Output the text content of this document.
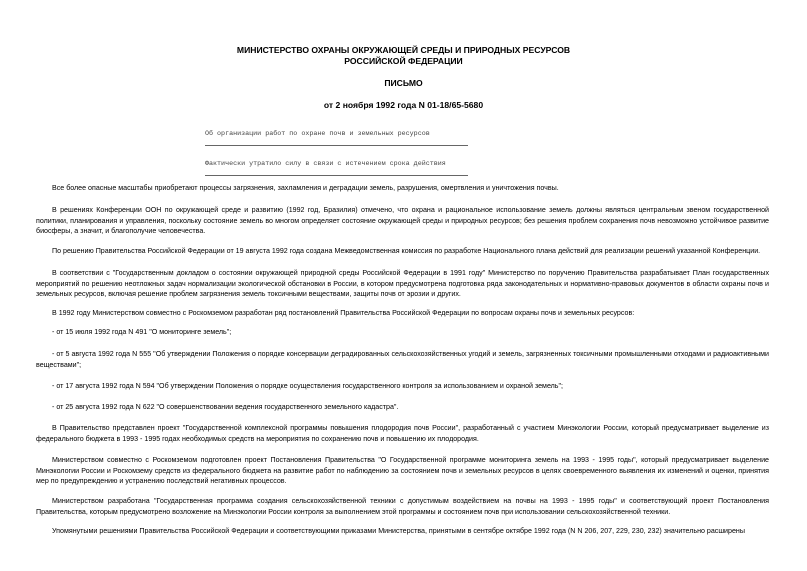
МИНИСТЕРСТВО ОХРАНЫ ОКРУЖАЮЩЕЙ СРЕДЫ И ПРИРОДНЫХ РЕСУРСОВ
РОССИЙСКОЙ ФЕДЕРАЦИИ
ПИСЬМО
от 2 ноября 1992 года N 01-18/65-5680
Об организации работ по охране почв и земельных ресурсов
Фактически утратило силу в связи с истечением срока действия

Все более опасные масштабы приобретают процессы загрязнения, захламления и деградации земель, разрушения, омертвления и уничтожения почвы.

В решениях Конференции ООН по окружающей среде и развитию (1992 год, Бразилия) отмечено, что охрана и рациональное использование земель должны являться центральным звеном государственной политики, планирования и управления, поскольку состояние земель во многом определяет состояние окружающей среды и природных ресурсов; без решения проблем сохранения почв невозможно устойчивое развитие биосферы, а значит, и благополучие человечества.

По решению Правительства Российской Федерации от 19 августа 1992 года создана Межведомственная комиссия по разработке Национального плана действий для реализации решений указанной Конференции.

В соответствии с "Государственным докладом о состоянии окружающей природной среды Российской Федерации в 1991 году" Министерство по поручению Правительства разрабатывает План государственных мероприятий по решению неотложных задач нормализации экологической обстановки в России, в котором предусмотрена подготовка ряда законодательных и нормативно-правовых документов в области охраны почв и земельных ресурсов, включая решение проблем загрязнения земель токсичными веществами, защиты почв от эрозии и других.

В 1992 году Министерством совместно с Роскомземом разработан ряд постановлений Правительства Российской Федерации по вопросам охраны почв и земельных ресурсов:

- от 15 июля 1992 года N 491 "О мониторинге земель";

- от 5 августа 1992 года N 555 "Об утверждении Положения о порядке консервации деградированных сельскохозяйственных угодий и земель, загрязненных токсичными промышленными отходами и радиоактивными веществами";

- от 17 августа 1992 года N 594 "Об утверждении Положения о порядке осуществления государственного контроля за использованием и охраной земель";

- от 25 августа 1992 года N 622 "О совершенствовании ведения государственного земельного кадастра".

В Правительство представлен проект "Государственной комплексной программы повышения плодородия почв России", разработанный с участием Минэкологии России, который предусматривает выделение из федерального бюджета в 1993 - 1995 годах необходимых средств на мероприятия по сохранению почв и повышению их плодородия.

Министерством совместно с Роскомземом подготовлен проект Постановления Правительства "О Государственной программе мониторинга земель на 1993 - 1995 годы", который предусматривает выделение Минэкологии России и Роскомзему средств из федерального бюджета на развитие работ по наблюдению за состоянием почв и земельных ресурсов в целях своевременного выявления их изменений и оценки, принятия мер по предупреждению и устранению последствий негативных процессов.

Министерством разработана "Государственная программа создания сельскохозяйственной техники с допустимым воздействием на почвы на 1993 - 1995 годы" и соответствующий проект Постановления Правительства, которым предусмотрено возложение на Минэкологии России контроля за выполнением этой программы и состоянием почв при использовании сельскохозяйственной техники.

Упомянутыми решениями Правительства Российской Федерации и соответствующими приказами Министерства, принятыми в сентябре октябре 1992 года (N N 206, 207, 229, 230, 232) значительно расширены
